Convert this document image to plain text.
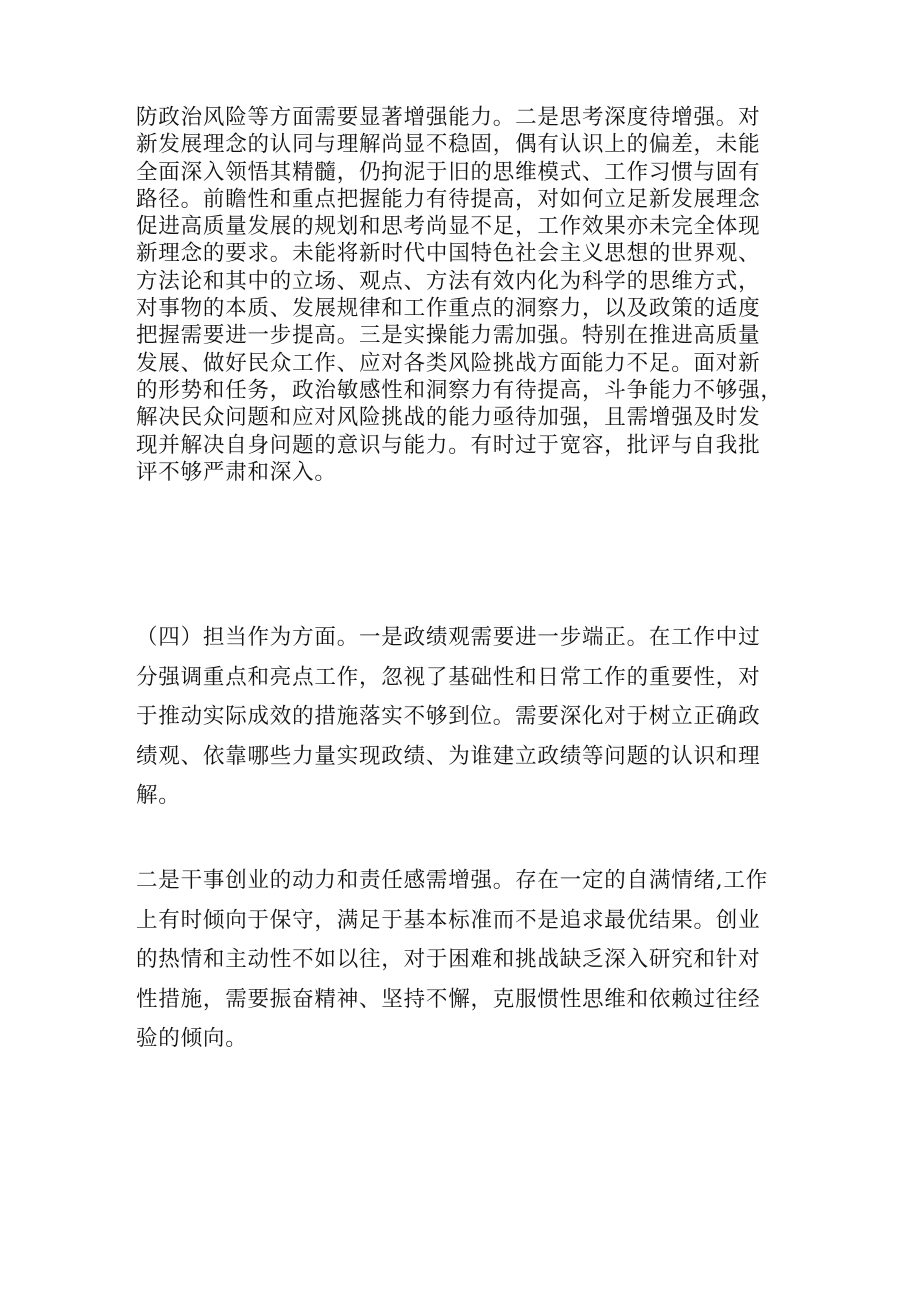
防政治风险等方面需要显著增强能力。二是思考深度待增强。对
新发展理念的认同与理解尚显不稳固，偶有认识上的偏差，未能
全面深入领悟其精髓，仍拘泥于旧的思维模式、工作习惯与固有
路径。前瞻性和重点把握能力有待提高，对如何立足新发展理念
促进高质量发展的规划和思考尚显不足，工作效果亦未完全体现
新理念的要求。未能将新时代中国特色社会主义思想的世界观、
方法论和其中的立场、观点、方法有效内化为科学的思维方式，
对事物的本质、发展规律和工作重点的洞察力，以及政策的适度
把握需要进一步提高。三是实操能力需加强。特别在推进高质量
发展、做好民众工作、应对各类风险挑战方面能力不足。面对新
的形势和任务，政治敏感性和洞察力有待提高，斗争能力不够强，
解决民众问题和应对风险挑战的能力亟待加强，且需增强及时发
现并解决自身问题的意识与能力。有时过于宽容，批评与自我批
评不够严肃和深入。
（四）担当作为方面。一是政绩观需要进一步端正。在工作中过
分强调重点和亮点工作，忽视了基础性和日常工作的重要性，对
于推动实际成效的措施落实不够到位。需要深化对于树立正确政
绩观、依靠哪些力量实现政绩、为谁建立政绩等问题的认识和理
解。
二是干事创业的动力和责任感需增强。存在一定的自满情绪,工作
上有时倾向于保守，满足于基本标准而不是追求最优结果。创业
的热情和主动性不如以往，对于困难和挑战缺乏深入研究和针对
性措施，需要振奋精神、坚持不懈，克服惯性思维和依赖过往经
验的倾向。
